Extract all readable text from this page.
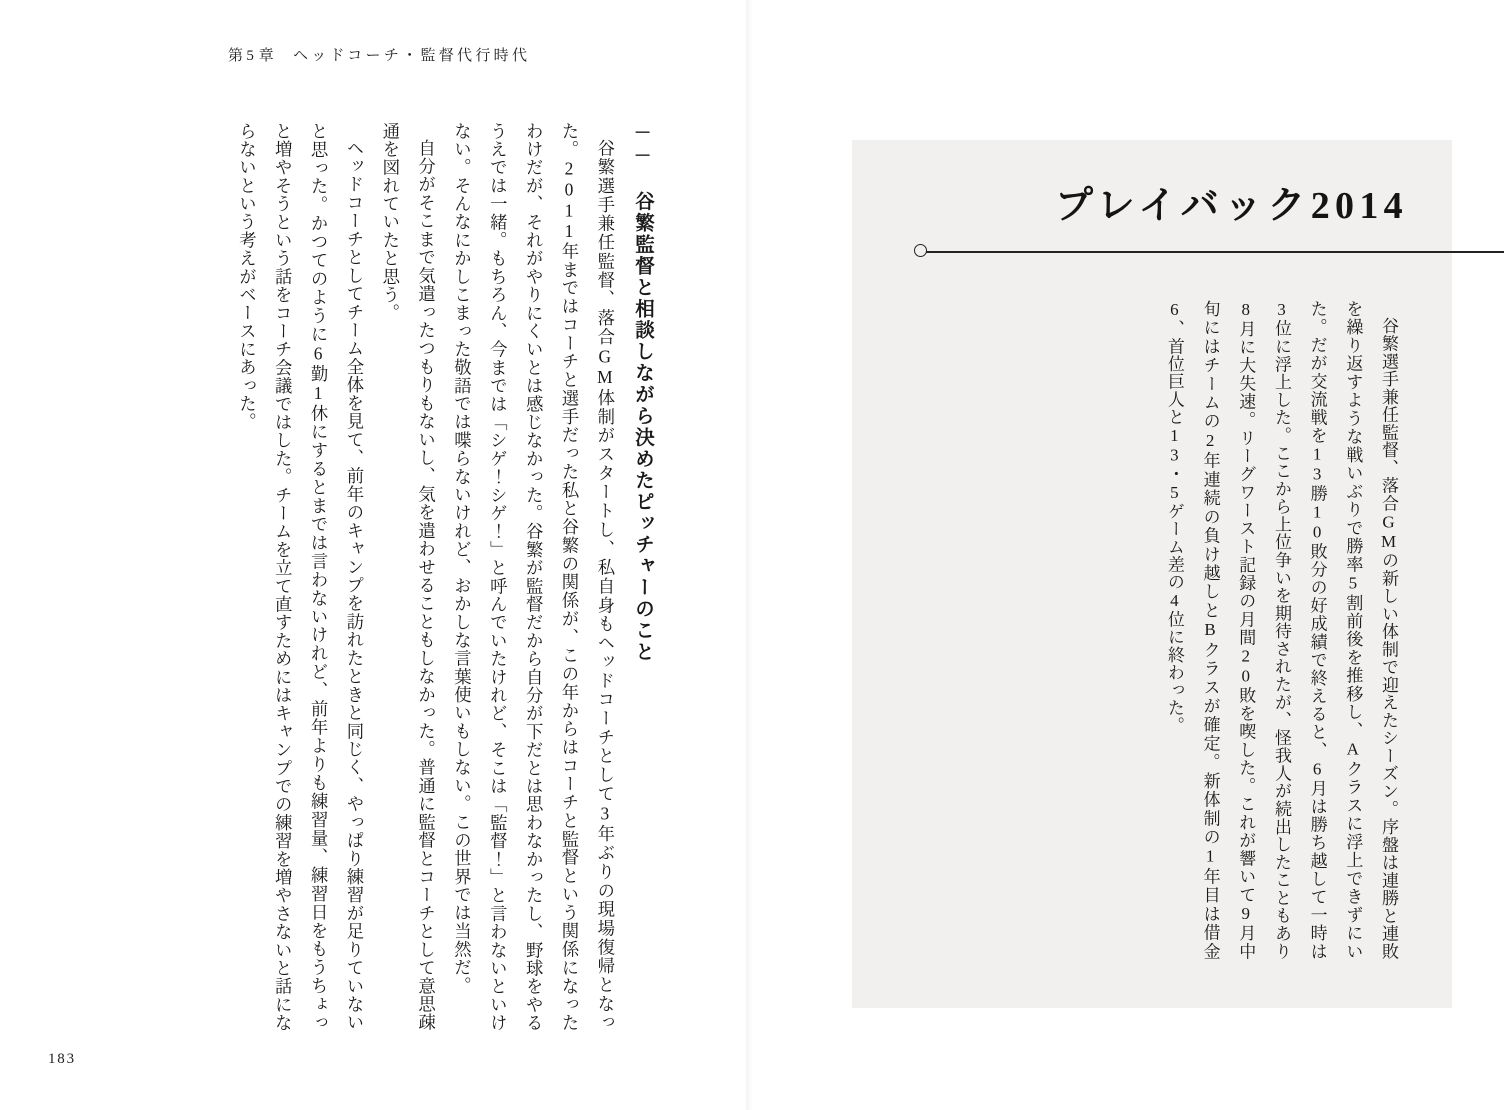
第5章 ヘッドコーチ・監督代行時代
── 谷繁監督と相談しながら決めたピッチャーのこと

谷繁選手兼任監督、落合GM体制がスタートし、私自身もヘッドコーチとして3年ぶりの現場復帰となった。2011年まではコーチと選手だった私と谷繁の関係が、この年からはコーチと監督という関係になったわけだが、それがやりにくいとは感じなかった。谷繁が監督だから自分が下だとは思わなかったし、野球をやるうえでは一緒。もちろん、今までは「シゲ！シゲ！」と呼んでいたけれど、そこは「監督！」と言わないといけない。そんなにかしこまった敬語では喋らないけれど、おかしな言葉使いもしない。この世界では当然だ。

自分がそこまで気遣ったつもりもないし、気を遣わせることもしなかった。普通に監督とコーチとして意思疎通を図れていたと思う。

ヘッドコーチとしてチーム全体を見て、前年のキャンプを訪れたときと同じく、やっぱり練習が足りていないと思った。かつてのように6勤1休にするとまでは言わないけれど、前年よりも練習量、練習日をもうちょっと増やそうという話をコーチ会議ではした。チームを立て直すためにはキャンプでの練習を増やさないと話にならないという考えがベースにあった。

183
プレイバック2014

谷繁選手兼任監督、落合GMの新しい体制で迎えたシーズン。序盤は連勝と連敗を繰り返すような戦いぶりで勝率5割前後を推移し、Aクラスに浮上できずにいた。だが交流戦を13勝10敗分の好成績で終えると、6月は勝ち越して一時は3位に浮上した。ここから上位争いを期待されたが、怪我人が続出したこともあり8月に大失速。リーグワースト記録の月間20敗を喫した。これが響いて9月中旬にはチームの2年連続の負け越しとBクラスが確定。新体制の1年目は借金6、首位巨人と13・5ゲーム差の4位に終わった。
